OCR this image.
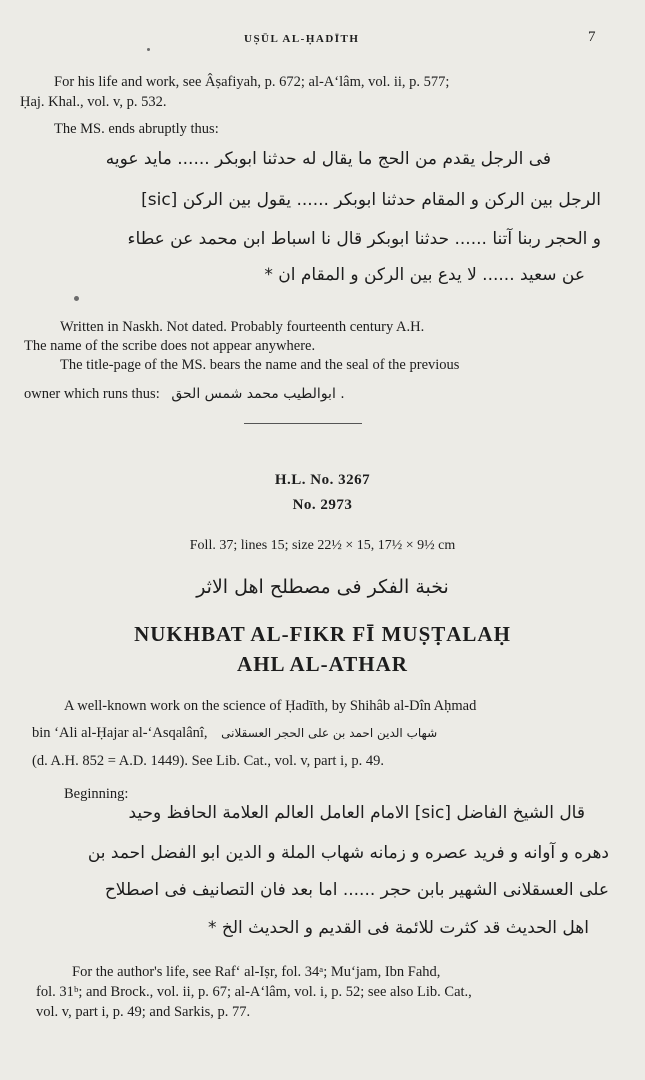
UṢŪL AL-ḤADĪTH	7
For his life and work, see Âṣafiyah, p. 672; al-A‘lâm, vol. ii, p. 577;
Ḥaj. Khal., vol. v, p. 532.
The MS. ends abruptly thus:
فى الرجل يقدم من الحج ما يقال له حدثنا ابوبكر ...... مايد عويه
الرجل بين الركن و المقام حدثنا ابوبكر ...... يقول بين الركن [sic]
و الحجر ربنا آتنا ...... حدثنا ابوبكر قال نا اسباط ابن محمد عن عطاء
عن سعيد ...... لا يدع بين الركن و المقام ان *
Written in Naskh. Not dated. Probably fourteenth century A.H.
The name of the scribe does not appear anywhere.
The title-page of the MS. bears the name and the seal of the previous
owner which runs thus: ابوالطيب محمد شمس الحق .
H.L. No. 3267
No. 2973
Foll. 37; lines 15; size 22½ × 15, 17½ × 9½ cm
نخبة الفكر فى مصطلح اهل الاثر
NUKHBAT AL-FIKR FĪ MUṢṬALAḤ
AHL AL-ATHAR
A well-known work on the science of Ḥadīth, by Shihâb al-Dîn Aḥmad
bin ‘Ali al-Ḥajar al-‘Asqalânî, شهاب الدين احمد بن على الحجر العسقلانى
(d. A.H. 852 = A.D. 1449). See Lib. Cat., vol. v, part i, p. 49.
Beginning:
قال الشيخ الفاضل [sic] الامام العامل العالم العلامة الحافظ وحيد
دهره و آوانه و فريد عصره و زمانه شهاب الملة و الدين ابو الفضل احمد بن
على العسقلانى الشهير بابن حجر ...... اما بعد فان التصانيف فى اصطلاح
اهل الحديث قد كثرت للائمة فى القديم و الحديث الخ *
For the author's life, see Raf‘ al-Iṣr, fol. 34ᵃ; Mu‘jam, Ibn Fahd,
fol. 31ᵇ; and Brock., vol. ii, p. 67; al-A‘lâm, vol. i, p. 52; see also Lib. Cat.,
vol. v, part i, p. 49; and Sarkis, p. 77.
